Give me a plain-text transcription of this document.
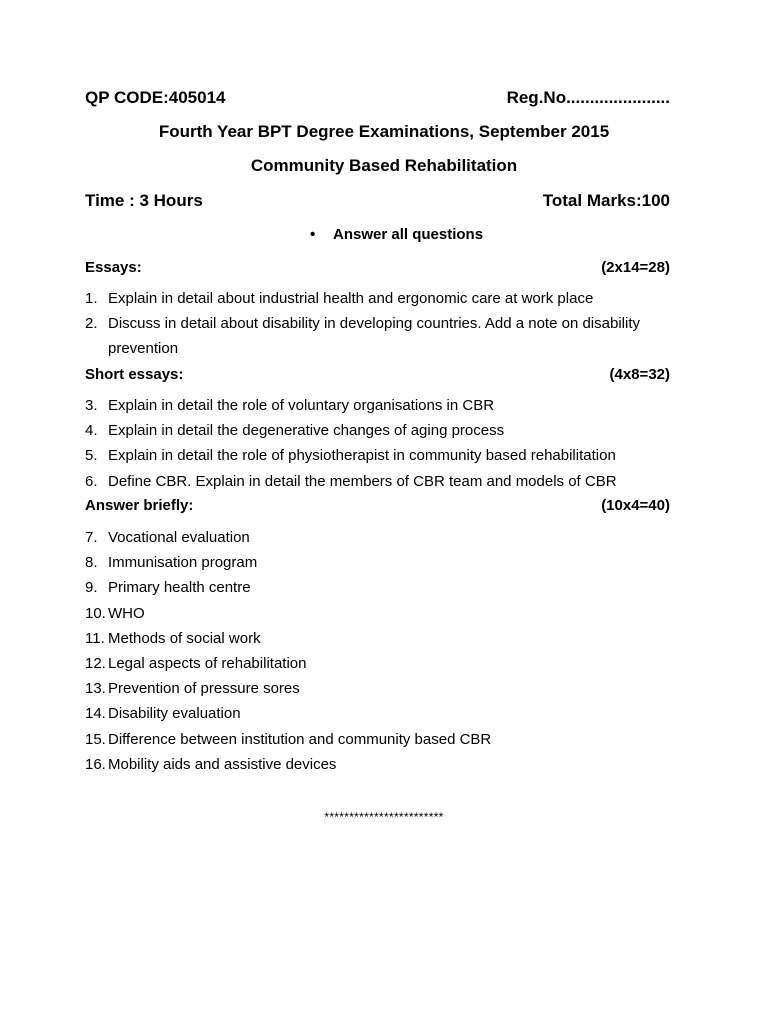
QP CODE:405014	Reg.No......................
Fourth Year BPT Degree Examinations, September 2015
Community Based Rehabilitation
Time : 3 Hours	Total Marks:100
•	Answer all questions
Essays:	(2x14=28)
1. Explain in detail about industrial health and ergonomic care at work place
2. Discuss in detail about disability in developing countries. Add a note on disability prevention
Short essays:	(4x8=32)
3. Explain in detail the role of voluntary organisations in CBR
4. Explain in detail the degenerative changes of aging process
5. Explain in detail the role of physiotherapist in community based rehabilitation
6. Define CBR. Explain in detail the members of CBR team and models of CBR
Answer briefly:	(10x4=40)
7. Vocational evaluation
8. Immunisation program
9. Primary health centre
10. WHO
11. Methods of social work
12. Legal aspects of rehabilitation
13. Prevention of pressure sores
14. Disability evaluation
15. Difference between institution and community based CBR
16. Mobility aids and assistive devices
************************
